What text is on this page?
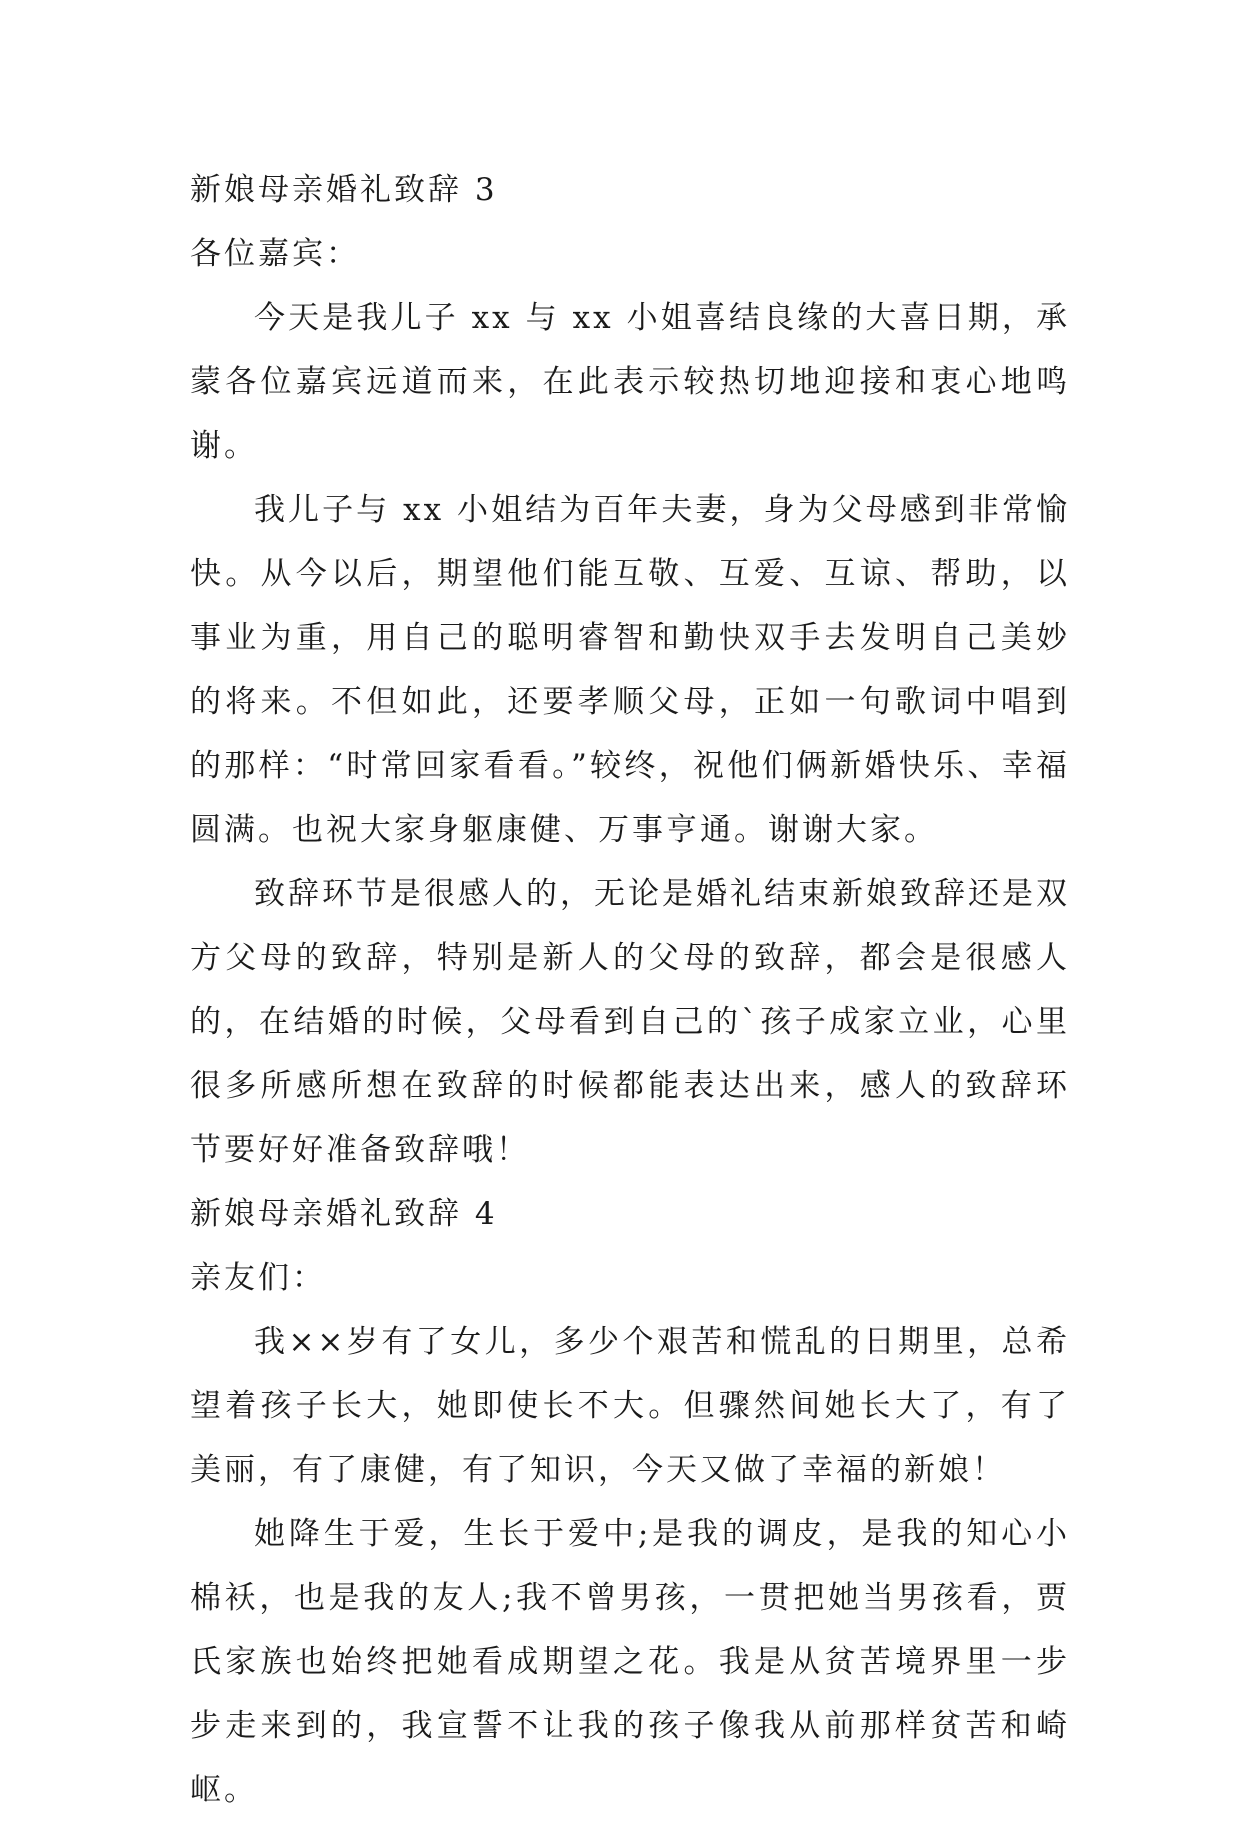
新娘母亲婚礼致辞 3

各位嘉宾：

今天是我儿子 xx 与 xx 小姐喜结良缘的大喜日期，承蒙各位嘉宾远道而来，在此表示较热切地迎接和衷心地鸣谢。

我儿子与 xx 小姐结为百年夫妻，身为父母感到非常愉快。从今以后，期望他们能互敬、互爱、互谅、帮助，以事业为重，用自己的聪明睿智和勤快双手去发明自己美妙的将来。不但如此，还要孝顺父母，正如一句歌词中唱到的那样：“时常回家看看。”较终，祝他们俩新婚快乐、幸福圆满。也祝大家身躯康健、万事亨通。谢谢大家。

致辞环节是很感人的，无论是婚礼结束新娘致辞还是双方父母的致辞，特别是新人的父母的致辞，都会是很感人的，在结婚的时候，父母看到自己的`孩子成家立业，心里很多所感所想在致辞的时候都能表达出来，感人的致辞环节要好好准备致辞哦！

新娘母亲婚礼致辞 4

亲友们：

我××岁有了女儿，多少个艰苦和慌乱的日期里，总希望着孩子长大，她即使长不大。但骤然间她长大了，有了美丽，有了康健，有了知识，今天又做了幸福的新娘！

她降生于爱，生长于爱中;是我的调皮，是我的知心小棉袄，也是我的友人;我不曾男孩，一贯把她当男孩看，贾氏家族也始终把她看成期望之花。我是从贫苦境界里一步步走来到的，我宣誓不让我的孩子像我从前那样贫苦和崎岖。
